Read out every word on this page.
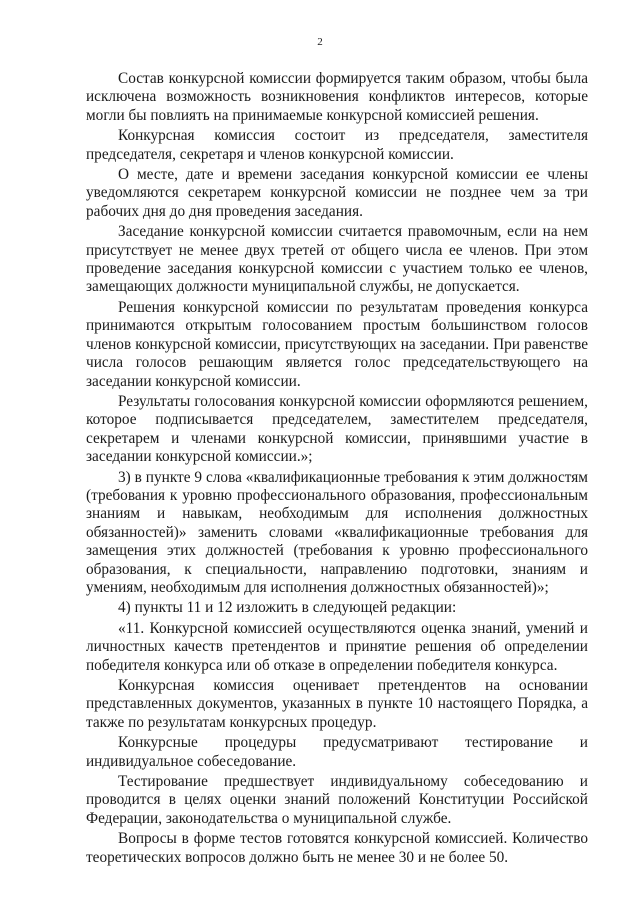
2

Состав конкурсной комиссии формируется таким образом, чтобы была исключена возможность возникновения конфликтов интересов, которые могли бы повлиять на принимаемые конкурсной комиссией решения.

Конкурсная комиссия состоит из председателя, заместителя председателя, секретаря и членов конкурсной комиссии.

О месте, дате и времени заседания конкурсной комиссии ее члены уведомляются секретарем конкурсной комиссии не позднее чем за три рабочих дня до дня проведения заседания.

Заседание конкурсной комиссии считается правомочным, если на нем присутствует не менее двух третей от общего числа ее членов. При этом проведение заседания конкурсной комиссии с участием только ее членов, замещающих должности муниципальной службы, не допускается.

Решения конкурсной комиссии по результатам проведения конкурса принимаются открытым голосованием простым большинством голосов членов конкурсной комиссии, присутствующих на заседании. При равенстве числа голосов решающим является голос председательствующего на заседании конкурсной комиссии.

Результаты голосования конкурсной комиссии оформляются решением, которое подписывается председателем, заместителем председателя, секретарем и членами конкурсной комиссии, принявшими участие в заседании конкурсной комиссии.»;

3) в пункте 9 слова «квалификационные требования к этим должностям (требования к уровню профессионального образования, профессиональным знаниям и навыкам, необходимым для исполнения должностных обязанностей)» заменить словами «квалификационные требования для замещения этих должностей (требования к уровню профессионального образования, к специальности, направлению подготовки, знаниям и умениям, необходимым для исполнения должностных обязанностей)»;

4) пункты 11 и 12 изложить в следующей редакции:

«11. Конкурсной комиссией осуществляются оценка знаний, умений и личностных качеств претендентов и принятие решения об определении победителя конкурса или об отказе в определении победителя конкурса.

Конкурсная комиссия оценивает претендентов на основании представленных документов, указанных в пункте 10 настоящего Порядка, а также по результатам конкурсных процедур.

Конкурсные процедуры предусматривают тестирование и индивидуальное собеседование.

Тестирование предшествует индивидуальному собеседованию и проводится в целях оценки знаний положений Конституции Российской Федерации, законодательства о муниципальной службе.

Вопросы в форме тестов готовятся конкурсной комиссией. Количество теоретических вопросов должно быть не менее 30 и не более 50.
